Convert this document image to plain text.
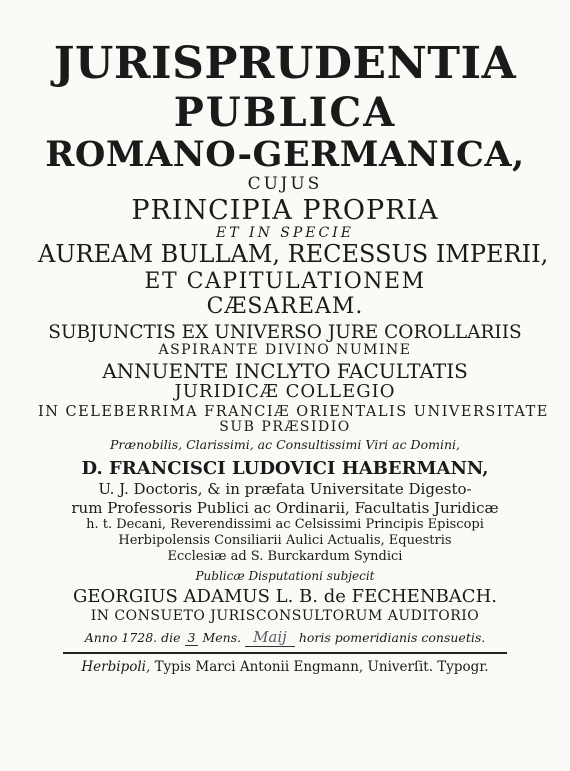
JURISPRUDENTIA

PUBLICA

ROMANO-GERMANICA,

CUJUS

PRINCIPIA PROPRIA

ET IN SPECIE

AUREAM BULLAM, RECESSUS IMPERII,

ET CAPITULATIONEM

CÆSAREAM.

SUBJUNCTIS EX UNIVERSO JURE COROLLARIIS

ASPIRANTE DIVINO NUMINE

ANNUENTE INCLYTO FACULTATIS

JURIDICÆ COLLEGIO

IN CELEBERRIMA FRANCIÆ ORIENTALIS UNIVERSITATE

SUB PRÆSIDIO

Prænobilis, Clarissimi, ac Consultissimi Viri ac Domini,

D. FRANCISCI LUDOVICI HABERMANN,

U. J. Doctoris, & in præfata Universitate Digesto-

rum Professoris Publici ac Ordinarii, Facultatis Juridicæ

h. t. Decani, Reverendissimi ac Celsissimi Principis Episcopi

Herbipolensis Consiliarii Aulici Actualis, Equestris

Ecclesiæ ad S. Burckardum Syndici

Publicæ Disputationi subjecit

GEORGIUS ADAMUS L. B. de FECHENBACH.

IN CONSUETO JURISCONSULTORUM AUDITORIO

Anno 1728. die 3 Mens. Maij horis pomeridianis consuetis.

Herbipoli, Typis Marci Antonii Engmann, Univerſit. Typogr.
